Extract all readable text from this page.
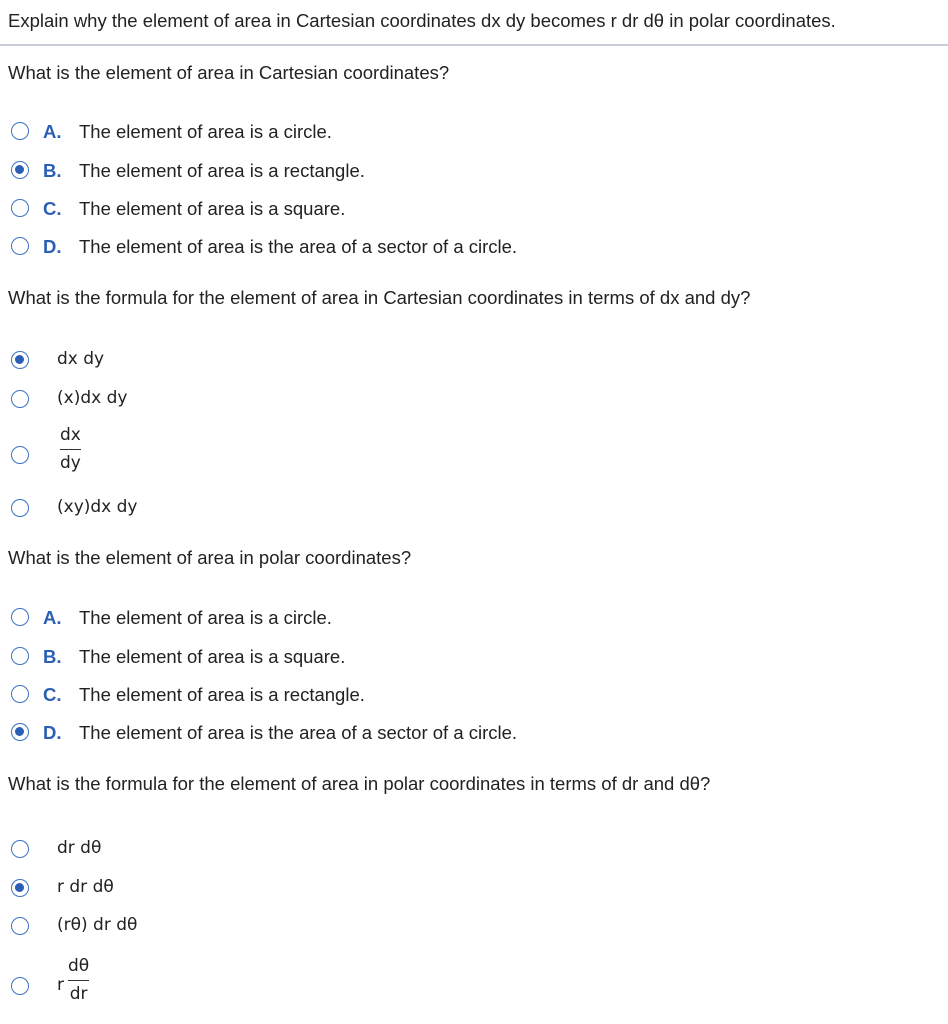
Explain why the element of area in Cartesian coordinates dx dy becomes r dr dθ in polar coordinates.
What is the element of area in Cartesian coordinates?
A. The element of area is a circle.
B. The element of area is a rectangle.
C. The element of area is a square.
D. The element of area is the area of a sector of a circle.
What is the formula for the element of area in Cartesian coordinates in terms of dx and dy?
dx dy
(x)dx dy
dx
dy
(xy)dx dy
What is the element of area in polar coordinates?
A. The element of area is a circle.
B. The element of area is a square.
C. The element of area is a rectangle.
D. The element of area is the area of a sector of a circle.
What is the formula for the element of area in polar coordinates in terms of dr and dθ?
dr dθ
r dr dθ
(rθ) dr dθ
r
dθ
dr
